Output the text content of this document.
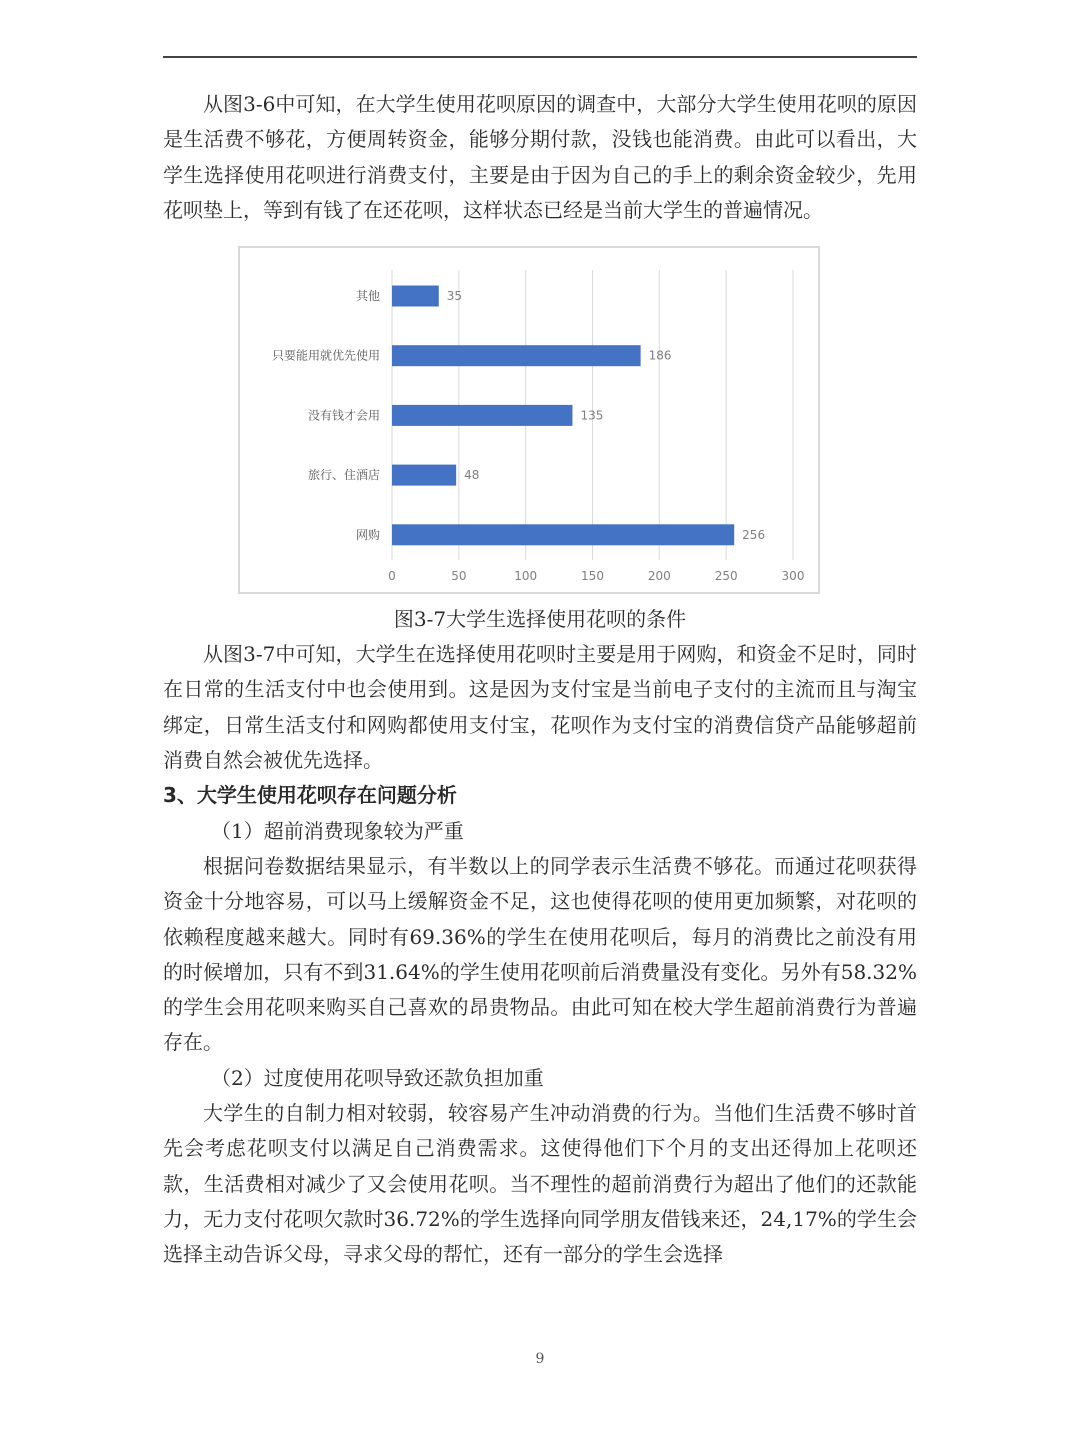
从图3-6中可知，在大学生使用花呗原因的调查中，大部分大学生使用花呗的原因是生活费不够花，方便周转资金，能够分期付款，没钱也能消费。由此可以看出，大学生选择使用花呗进行消费支付，主要是由于因为自己的手上的剩余资金较少，先用花呗垫上，等到有钱了在还花呗，这样状态已经是当前大学生的普遍情况。

0	50	100	150	200	250	300
其他	35
只要能用就优先使用	186
没有钱才会用	135
旅行、住酒店	48
网购	256
图3-7大学生选择使用花呗的条件

从图3-7中可知，大学生在选择使用花呗时主要是用于网购，和资金不足时，同时在日常的生活支付中也会使用到。这是因为支付宝是当前电子支付的主流而且与淘宝绑定，日常生活支付和网购都使用支付宝，花呗作为支付宝的消费信贷产品能够超前消费自然会被优先选择。

3、大学生使用花呗存在问题分析

（1）超前消费现象较为严重

根据问卷数据结果显示，有半数以上的同学表示生活费不够花。而通过花呗获得资金十分地容易，可以马上缓解资金不足，这也使得花呗的使用更加频繁，对花呗的依赖程度越来越大。同时有69.36%的学生在使用花呗后，每月的消费比之前没有用的时候增加，只有不到31.64%的学生使用花呗前后消费量没有变化。另外有58.32%的学生会用花呗来购买自己喜欢的昂贵物品。由此可知在校大学生超前消费行为普遍存在。

（2）过度使用花呗导致还款负担加重

大学生的自制力相对较弱，较容易产生冲动消费的行为。当他们生活费不够时首先会考虑花呗支付以满足自己消费需求。这使得他们下个月的支出还得加上花呗还款，生活费相对减少了又会使用花呗。当不理性的超前消费行为超出了他们的还款能力，无力支付花呗欠款时36.72%的学生选择向同学朋友借钱来还，24,17%的学生会选择主动告诉父母，寻求父母的帮忙，还有一部分的学生会选择

9
